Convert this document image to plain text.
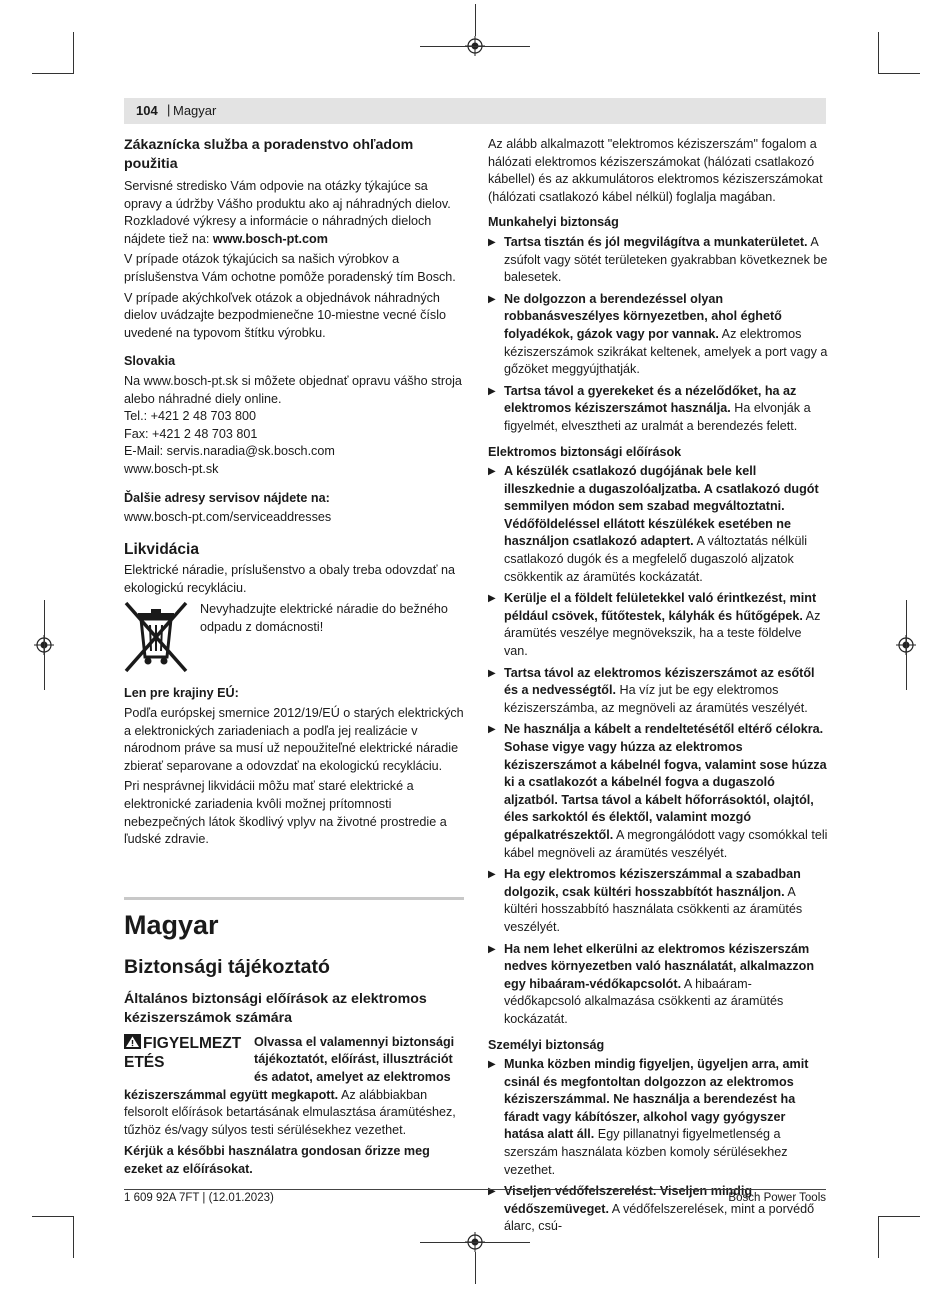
104 | Magyar
Zákaznícka služba a poradenstvo ohľadom použitia

Servisné stredisko Vám odpovie na otázky týkajúce sa opravy a údržby Vášho produktu ako aj náhradných dielov. Rozkladové výkresy a informácie o náhradných dieloch nájdete tiež na: www.bosch-pt.com

V prípade otázok týkajúcich sa našich výrobkov a príslušenstva Vám ochotne pomôže poradenský tím Bosch.

V prípade akýchkoľvek otázok a objednávok náhradných dielov uvádzajte bezpodmienečne 10-miestne vecné číslo uvedené na typovom štítku výrobku.

Slovakia
Na www.bosch-pt.sk si môžete objednať opravu vášho stroja alebo náhradné diely online.
Tel.: +421 2 48 703 800
Fax: +421 2 48 703 801
E-Mail: servis.naradia@sk.bosch.com
www.bosch-pt.sk
Ďalšie adresy servisov nájdete na:

www.bosch-pt.com/serviceaddresses

Likvidácia

Elektrické náradie, príslušenstvo a obaly treba odovzdať na ekologickú recykláciu.

Nevyhadzujte elektrické náradie do bežného odpadu z domácnosti!

Len pre krajiny EÚ:

Podľa európskej smernice 2012/19/EÚ o starých elektrických a elektronických zariadeniach a podľa jej realizácie v národnom práve sa musí už nepoužiteľné elektrické náradie zbierať separovane a odovzdať na ekologickú recykláciu.

Pri nesprávnej likvidácii môžu mať staré elektrické a elektronické zariadenia kvôli možnej prítomnosti nebezpečných látok škodlivý vplyv na životné prostredie a ľudské zdravie.

Magyar
Biztonsági tájékoztató
Általános biztonsági előírások az elektromos kéziszerszámok számára
FIGYELMEZTETÉS

Olvassa el valamennyi biztonsági tájékoztatót, előírást, illusztrációt és adatot, amelyet az elektromos kéziszerszámmal együtt megkapott. Az alábbiakban felsorolt előírások betartásának elmulasztása áramütéshez, tűzhöz és/vagy súlyos testi sérülésekhez vezethet.

Kérjük a későbbi használatra gondosan őrizze meg ezeket az előírásokat.

Az alább alkalmazott "elektromos kéziszerszám" fogalom a hálózati elektromos kéziszerszámokat (hálózati csatlakozó kábellel) és az akkumulátoros elektromos kéziszerszámokat (hálózati csatlakozó kábel nélkül) foglalja magában.

Munkahelyi biztonság
▶ Tartsa tisztán és jól megvilágítva a munkaterületet. A zsúfolt vagy sötét területeken gyakrabban következnek be balesetek.
▶ Ne dolgozzon a berendezéssel olyan robbanásveszélyes környezetben, ahol éghető folyadékok, gázok vagy por vannak. Az elektromos kéziszerszámok szikrákat keltenek, amelyek a port vagy a gőzöket meggyújthatják.
▶ Tartsa távol a gyerekeket és a nézelődőket, ha az elektromos kéziszerszámot használja. Ha elvonják a figyelmét, elvesztheti az uralmát a berendezés felett.
Elektromos biztonsági előírások
▶ A készülék csatlakozó dugójának bele kell illeszkednie a dugaszolóaljzatba. A csatlakozó dugót semmilyen módon sem szabad megváltoztatni. Védőföldeléssel ellátott készülékek esetében ne használjon csatlakozó adaptert. A változtatás nélküli csatlakozó dugók és a megfelelő dugaszoló aljzatok csökkentik az áramütés kockázatát.
▶ Kerülje el a földelt felületekkel való érintkezést, mint például csövek, fűtőtestek, kályhák és hűtőgépek. Az áramütés veszélye megnövekszik, ha a teste földelve van.
▶ Tartsa távol az elektromos kéziszerszámot az esőtől és a nedvességtől. Ha víz jut be egy elektromos kéziszerszámba, az megnöveli az áramütés veszélyét.
▶ Ne használja a kábelt a rendeltetésétől eltérő célokra. Sohase vigye vagy húzza az elektromos kéziszerszámot a kábelnél fogva, valamint sose húzza ki a csatlakozót a kábelnél fogva a dugaszoló aljzatból. Tartsa távol a kábelt hőforrásoktól, olajtól, éles sarkoktól és élektől, valamint mozgó gépalkatrészektől. A megrongálódott vagy csomókkal teli kábel megnöveli az áramütés veszélyét.
▶ Ha egy elektromos kéziszerszámmal a szabadban dolgozik, csak kültéri hosszabbítót használjon. A kültéri hosszabbító használata csökkenti az áramütés veszélyét.
▶ Ha nem lehet elkerülni az elektromos kéziszerszám nedves környezetben való használatát, alkalmazzon egy hibaáram-védőkapcsolót. A hibaáram-védőkapcsoló alkalmazása csökkenti az áramütés kockázatát.
Személyi biztonság
▶ Munka közben mindig figyeljen, ügyeljen arra, amit csinál és megfontoltan dolgozzon az elektromos kéziszerszámmal. Ne használja a berendezést ha fáradt vagy kábítószer, alkohol vagy gyógyszer hatása alatt áll. Egy pillanatnyi figyelmetlenség a szerszám használata közben komoly sérülésekhez vezethet.
▶ Viseljen védőfelszerelést. Viseljen mindig védőszemüveget. A védőfelszerelések, mint a porvédő álarc, csú-
1 609 92A 7FT | (12.01.2023)	Bosch Power Tools
